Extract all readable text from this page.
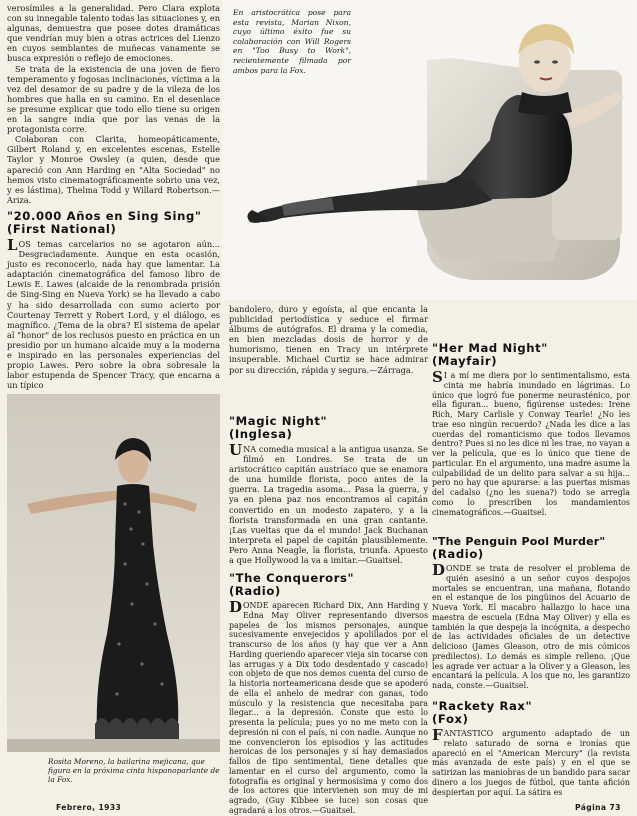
verosímiles a la generalidad. Pero Clara explota con su innegable talento todas las situaciones y, en algunas, demuestra que posee dotes dramáticas que vendrían muy bien a otras actrices del Lienzo en cuyos semblantes de muñecas vanamente se busca expresión o reflejo de emociones.

Se trata de la existencia de una joven de fiero temperamento y fogosas inclinaciones, víctima a la vez del desamor de su padre y de la vileza de los hombres que halla en su camino. En el desenlace se presume explicar que todo ello tiene su origen en la sangre india que por las venas de la protagonista corre.

Colaboran con Clarita, homeopáticamente, Gilbert Roland y, en excelentes escenas, Estelle Taylor y Monroe Owsley (a quien, desde que apareció con Ann Harding en "Alta Sociedad" no hemos visto cinematográficamente sobrio una vez, y es lástima), Thelma Todd y Willard Robertson.—Ariza.

"20.000 Años en Sing Sing"
(First National)

LOS temas carcelarios no se agotaron aún... Desgraciadamente. Aunque en esta ocasión, justo es reconocerlo, nada hay que lamentar. La adaptación cinematográfica del famoso libro de Lewis E. Lawes (alcaide de la renombrada prisión de Sing-Sing en Nueva York) se ha llevado a cabo y ha sido desarrollada con sumo acierto por Courtenay Terrett y Robert Lord, y el diálogo, es magnífico. ¿Tema de la obra? El sistema de apelar al "honor" de los reclusos puesto en práctica en un presidio por un humano alcaide muy a la moderna e inspirado en las personales experiencias del propio Lawes. Pero sobre la obra sobresale la labor estupenda de Spencer Tracy, que encarna a un típico

En aristocrática pose para esta revista, Marian Nixon, cuyo último éxito fue su colaboración con Will Rogers en "Too Busy to Work", recientemente filmada por ambos para la Fox.
Rosita Moreno, la bailarina mejicana, que figura en la próxima cinta hispanoparlante de la Fox.
bandolero, duro y egoísta, al que encanta la publicidad periodística y seduce el firmar álbums de autógrafos. El drama y la comedia, en bien mezcladas dosis de horror y de humorismo, tienen en Tracy un intérprete insuperable. Michael Curtiz se hace admirar por su dirección, rápida y segura.—Zárraga.
"Magic Night"
(Inglesa)

UNA comedia musical a la antigua usanza. Se filmó en Londres. Se trata de un aristocrático capitán austríaco que se enamora de una humilde florista, poco antes de la guerra. La tragedia asoma... Pasa la guerra, y ya en plena paz nos encontramos al capitán convertido en un modesto zapatero, y a la florista transformada en una gran cantante. ¡Las vueltas que da el mundo! Jack Buchanan interpreta el papel de capitán plausiblemente. Pero Anna Neagle, la florista, triunfa. Apuesto a que Hollywood la va a imitar.—Guaitsel.

"The Conquerors"
(Radio)

DONDE aparecen Richard Dix, Ann Harding y Edna May Oliver representando diversos papeles de los mismos personajes, aunque sucesivamente envejecidos y apolillados por el transcurso de los años (y hay que ver a Ann Harding queriendo aparecer vieja sin tocarse con las arrugas y a Dix todo desdentado y cascado) con objeto de que nos demos cuenta del curso de la historia norteamericana desde que se apoderó de ella el anhelo de medrar con ganas, todo músculo y la resistencia que necesitaba para llegar... a la depresión. Conste que esto lo presenta la película; pues yo no me meto con la depresión ni con el país, ni con nadie. Aunque no me convencieron los episodios y las actitudes heroicas de los personajes y sí hay demasiados fallos de tipo sentimental, tiene detalles que lamentar en el curso del argumento, como la fotografía es original y hermosísima y como dos de los actores que intervienen son muy de mi agrado, (Guy Kibbee se luce) son cosas que agradará a los otros.—Guaitsel.

"Her Mad Night"
(Mayfair)

SI a mí me diera por lo sentimentalismo, esta cinta me habría inundado en lágrimas. Lo único que logró fue ponerme neurasténico, por ella figuran... bueno, figúrense ustedes: Irene Rich, Mary Carlisle y Conway Tearle! ¿No les trae eso ningún recuerdo? ¿Nada les dice a las cuerdas del romanticismo que todos llevamos dentro? Pues si no les dice ni les trae, no vayan a ver la película, que es lo único que tiene de particular. En el argumento, una madre asume la culpabilidad de un delito para salvar a su hija... pero no hay que apurarse: a las puertas mismas del cadalso (¿no les suena?) todo se arregla como lo prescriben los mandamientos cinematográficos.—Guaitsel.

"The Penguin Pool Murder"
(Radio)

DONDE se trata de resolver el problema de quién asesinó a un señor cuyos despojos mortales se encuentran, una mañana, flotando en el estanque de los pingüinos del Acuario de Nueva York. El macabro hallazgo lo hace una maestra de escuela (Edna May Oliver) y ella es también la que despeja la incógnita, a despecho de las actividades oficiales de un detective delicioso (James Gleason, otro de mis cómicos predilectos). Lo demás es simple relleno. ¡Que les agrade ver actuar a la Oliver y a Gleason, les encantará la película. A los que no, les garantizo nada, conste.—Guaitsel.

"Rackety Rax"
(Fox)

FANTASTICO argumento adaptado de un relato saturado de sorna e ironías que apareció en el "American Mercury" (la revista más avanzada de este país) y en el que se satirizan las maniobras de un bandido para sacar dinero a los juegos de fútbol, que tanta afición despiertan por aquí. La sátira es

Febrero, 1933	Página 73
